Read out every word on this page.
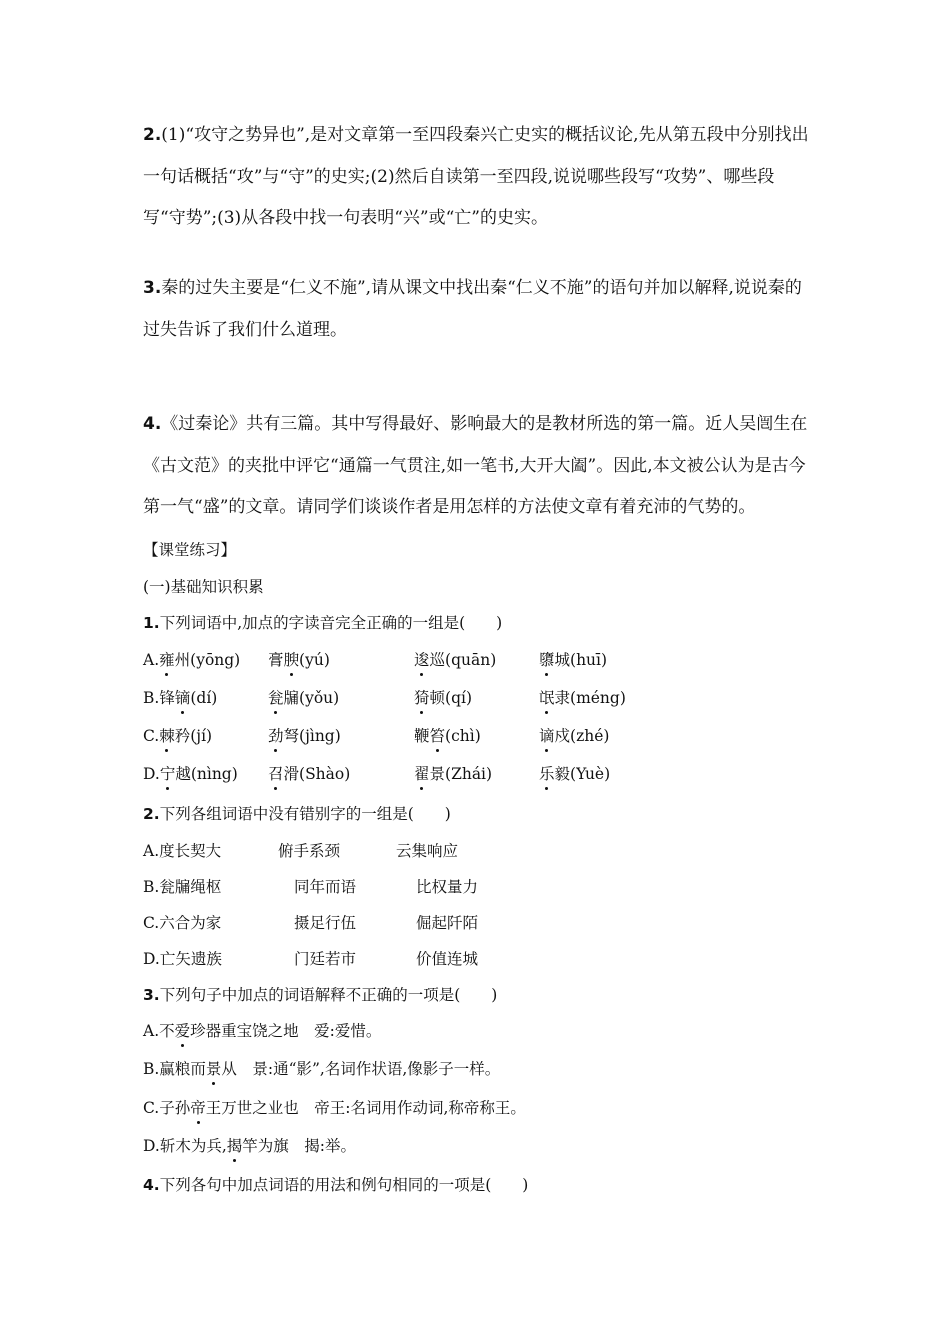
2.(1)“攻守之势异也”,是对文章第一至四段秦兴亡史实的概括议论,先从第五段中分别找出一句话概括“攻”与“守”的史实;(2)然后自读第一至四段,说说哪些段写“攻势”、哪些段写“守势”;(3)从各段中找一句表明“兴”或“亡”的史实。

3.秦的过失主要是“仁义不施”,请从课文中找出秦“仁义不施”的语句并加以解释,说说秦的过失告诉了我们什么道理。

4.《过秦论》共有三篇。其中写得最好、影响最大的是教材所选的第一篇。近人吴闿生在《古文范》的夹批中评它“通篇一气贯注,如一笔书,大开大阖”。因此,本文被公认为是古今第一气“盛”的文章。请同学们谈谈作者是用怎样的方法使文章有着充沛的气势的。

【课堂练习】
(一)基础知识积累
1.下列词语中,加点的字读音完全正确的一组是(　　)
A.雍州(yōng) 膏腴(yú)	逡巡(quān)	隳城(huī)
B.锋镝(dí)	瓮牖(yǒu)	猗顿(qí)	氓隶(méng)
C.棘矜(jí)	劲弩(jìng)	鞭笞(chì)	谪戍(zhé)
D.宁越(nìng) 召滑(Shào)	翟景(Zhái)	乐毅(Yuè)
2.下列各组词语中没有错别字的一组是(　　)
A.度长契大	俯手系颈	云集响应
B.瓮牖绳枢	同年而语	比权量力
C.六合为家	摄足行伍	倔起阡陌
D.亡矢遗族	门廷若市	价值连城
3.下列句子中加点的词语解释不正确的一项是(　　)
A.不爱珍器重宝饶之地　爱:爱惜。
B.赢粮而景从　景:通“影”,名词作状语,像影子一样。
C.子孙帝王万世之业也　帝王:名词用作动词,称帝称王。
D.斩木为兵,揭竿为旗　揭:举。
4.下列各句中加点词语的用法和例句相同的一项是(　　)
